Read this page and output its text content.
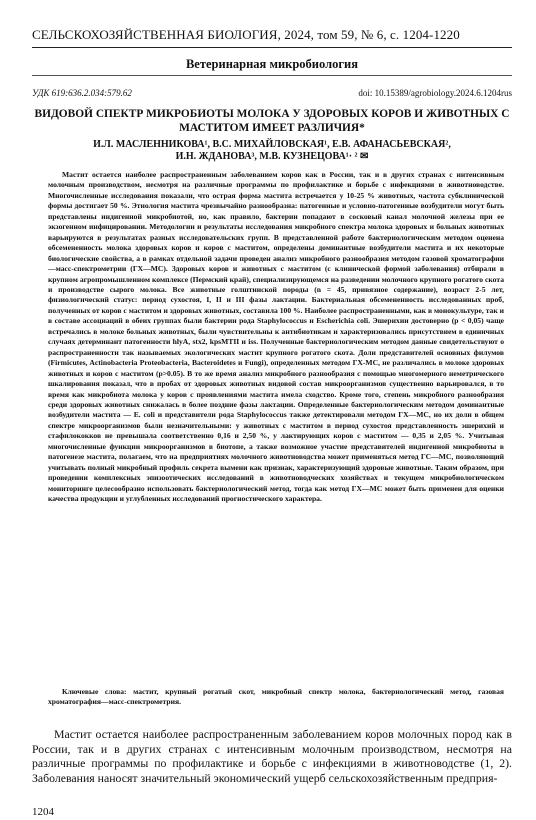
СЕЛЬСКОХОЗЯЙСТВЕННАЯ БИОЛОГИЯ, 2024, том 59, № 6, с. 1204-1220
Ветеринарная микробиология
УДК 619:636.2.034:579.62	doi: 10.15389/agrobiology.2024.6.1204rus
ВИДОВОЙ СПЕКТР МИКРОБИОТЫ МОЛОКА У ЗДОРОВЫХ КОРОВ И ЖИВОТНЫХ С МАСТИТОМ ИМЕЕТ РАЗЛИЧИЯ*
И.Л. МАСЛЕННИКОВА¹, В.С. МИХАЙЛОВСКАЯ¹, Е.В. АФАНАСЬЕВСКАЯ²,
И.Н. ЖДАНОВА³, М.В. КУЗНЕЦОВА¹· ² ✉

Мастит остается наиболее распространенным заболеванием коров как в России, так и в других странах с интенсивным молочным производством, несмотря на различные программы по профилактике и борьбе с инфекциями в животноводстве. Многочисленные исследования показали, что острая форма мастита встречается у 10-25 % животных, частота субклинической формы достигает 50 %. Этиология мастита чрезвычайно разнообразна: патогенные и условно-патогенные возбудители могут быть представлены индигенной микробиотой, но, как правило, бактерии попадают в сосковый канал молочной железы при ее экзогенном инфицировании. Методологии и результаты исследования микробного спектра молока здоровых и больных животных варьируются в результатах разных исследовательских групп. В представленной работе бактериологическим методом оценена обсемененность молока здоровых коров и коров с маститом, определены доминантные возбудители мастита и их некоторые биологические свойства, а в рамках отдельной задачи проведен анализ микробного разнообразия методом газовой хроматографии—масс-спектрометрии (ГХ—МС). Здоровых коров и животных с маститом (с клинической формой заболевания) отбирали в крупном агропромышленном комплексе (Пермский край), специализирующемся на разведении молочного крупного рогатого скота и производстве сырого молока. Все животные голштинской породы (n = 45, привязное содержание), возраст 2-5 лет, физиологический статус: период сухостоя, I, II и III фазы лактации. Бактериальная обсемененность исследованных проб, полученных от коров с маститом и здоровых животных, составила 100 %. Наиболее распространенными, как в монокультуре, так и в составе ассоциаций в обеих группах были бактерии рода Staphylococcus и Escherichia coli. Эшерихии достоверно (р < 0,05) чаще встречались в молоке больных животных, были чувствительны к антибиотикам и характеризовались присутствием в единичных случаях детерминант патогенности hlyA, stx2, kpsMTII и iss. Полученные бактериологическим методом данные свидетельствуют о распространенности так называемых экологических мастит крупного рогатого скота. Доли представителей основных филумов (Firmicutes, Actinobacteria Proteobacteria, Bacteroidetes и Fungi), определенных методом ГХ-МС, не различались в молоке здоровых животных и коров с маститом (р>0.05). В то же время анализ микробного разнообразия с помощью многомерного неметрического шкалирования показал, что в пробах от здоровых животных видовой состав микроорганизмов существенно варьировался, в то время как микробиота молока у коров с проявлениями мастита имела сходство. Кроме того, степень микробного разнообразия среди здоровых животных снижалась в более поздние фазы лактации. Определенные бактериологическим методом доминантные возбудители мастита — E. coli и представители рода Staphylococcus также детектировали методом ГХ—МС, но их доли в общем спектре микроорганизмов были незначительными: у животных с маститом в период сухостоя представленность эшерихий и стафилококков не превышала соответственно 0,16 и 2,50 %, у лактирующих коров с маститом — 0,35 и 2,05 %. Учитывая многочисленные функции микроорганизмов в биотопе, а также возможное участие представителей индигенной микробиоты в патогенезе мастита, полагаем, что на предприятиях молочного животноводства может применяться метод ГС—МС, позволяющий учитывать полный микробный профиль секрета вымени как признак, характеризующий здоровые животные. Таким образом, при проведении комплексных эпизоотических исследований в животноводческих хозяйствах и текущем микробиологическом мониторинге целесообразно использовать бактериологический метод, тогда как метод ГХ—МС может быть применен для оценки качества продукции и углубленных исследований прогностического характера.

Ключевые слова: мастит, крупный рогатый скот, микробный спектр молока, бактериологический метод, газовая хроматография—масс-спектрометрия.

Мастит остается наиболее распространенным заболеванием коров молочных пород как в России, так и в других странах с интенсивным молочным производством, несмотря на различные программы по профилактике и борьбе с инфекциями в животноводстве (1, 2). Заболевания наносят значительный экономический ущерб сельскохозяйственным предприя-

1204
